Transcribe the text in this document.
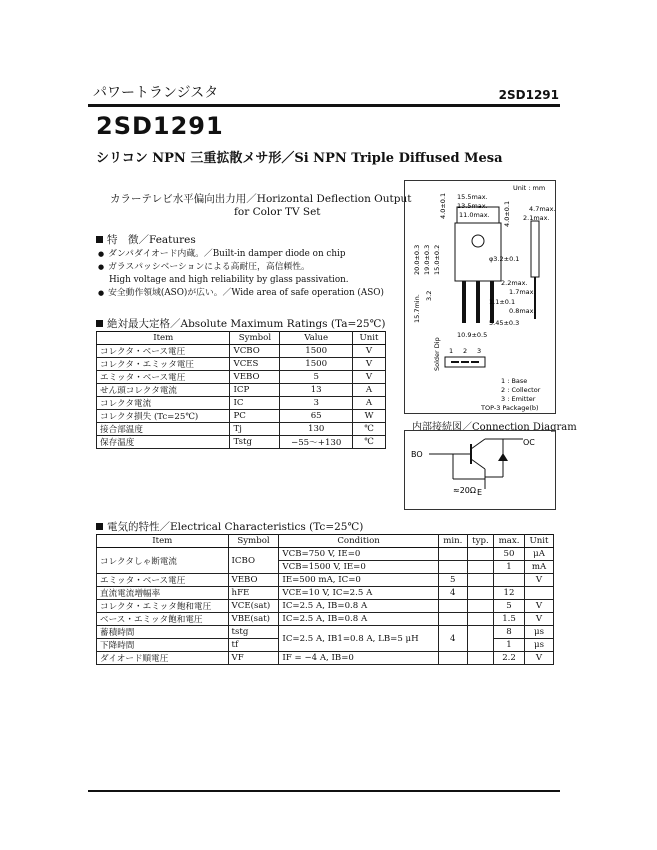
パワートランジスタ	2SD1291
2SD1291
シリコン NPN 三重拡散メサ形／Si NPN Triple Diffused Mesa
カラーテレビ水平偏向出力用／Horizontal Deflection Output
for Color TV Set
特　徴／Features
● ダンパダイオード内蔵。／Built-in damper diode on chip
● ガラスパッシベーションによる高耐圧，高信頼性。
High voltage and high reliability by glass passivation.
● 安全動作領域(ASO)が広い。／Wide area of safe operation (ASO)
絶対最大定格／Absolute Maximum Ratings (Ta=25℃)
Item	Symbol	Value	Unit
コレクタ・ベース電圧	VCBO	1500	V
コレクタ・エミッタ電圧	VCES	1500	V
エミッタ・ベース電圧	VEBO	5	V
せん頭コレクタ電流	ICP	13	A
コレクタ電流	IC	3	A
コレクタ損失 (Tc=25℃)	PC	65	W
接合部温度	Tj	130	℃
保存温度	Tstg	−55～+130	℃
Unit : mm
15.5max.
13.5max.
11.0max.
4.7max.
2.1max.
φ3.2±0.1
2.2max.
1.7max.
1.1±0.1
0.8max.
5.45±0.3
10.9±0.5
20.0±0.3 19.0±0.3 15.0±0.2
4.0±0.1
15.7min. 3.2
Solder Dip
4.0±0.1
1 2 3
1 : Base
2 : Collector
3 : Emitter
TOP-3 Package(b)
内部接続図／Connection Diagram
BO
OC
E
≈20Ω
電気的特性／Electrical Characteristics (Tc=25℃)
Item	Symbol	Condition	min.	typ.	max.	Unit
コレクタしゃ断電流	ICBO	VCB=750 V, IE=0			50	μA
		VCB=1500 V, IE=0			1	mA
エミッタ・ベース電圧	VEBO	IE=500 mA, IC=0	5			V
直流電流増幅率	hFE	VCE=10 V, IC=2.5 A	4		12	
コレクタ・エミッタ飽和電圧	VCE(sat)	IC=2.5 A, IB=0.8 A			5	V
ベース・エミッタ飽和電圧	VBE(sat)	IC=2.5 A, IB=0.8 A			1.5	V
蓄積時間	tstg	IC=2.5 A, IB1=0.8 A, LB=5 μH	4		8	μs
下降時間	tf				1	μs
ダイオード順電圧	VF	IF = −4 A, IB=0			2.2	V
